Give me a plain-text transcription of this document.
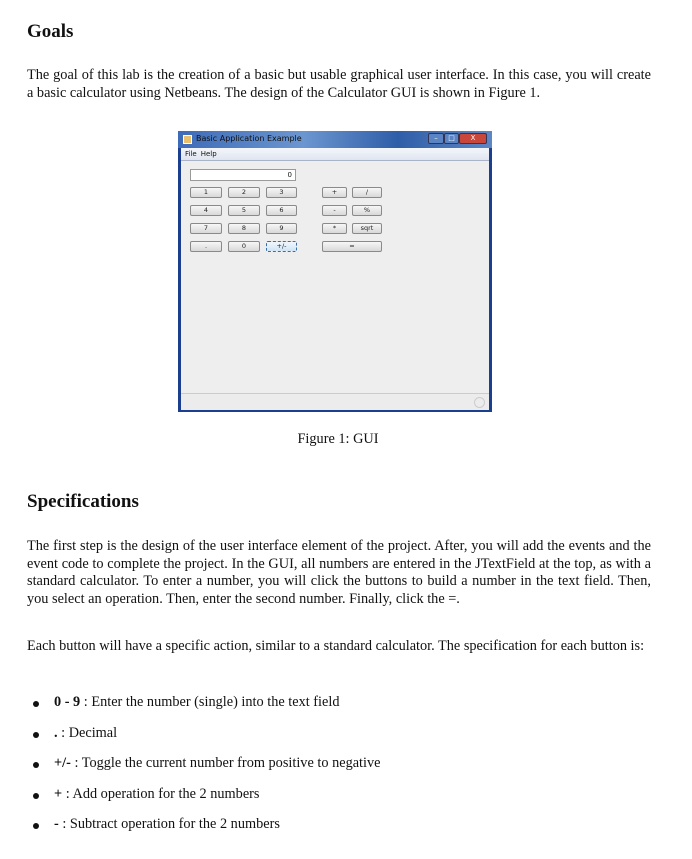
Goals

The goal of this lab is the creation of a basic but usable graphical user interface. In this case, you will create a basic calculator using Netbeans. The design of the Calculator GUI is shown in Figure 1.

Basic Application Example	–	□	X
File Help
0
1	2	3	+	/
4	5	6	-	%
7	8	9	*	sqrt
.	0	+/-	=
Figure 1: GUI
Specifications

The first step is the design of the user interface element of the project. After, you will add the events and the event code to complete the project. In the GUI, all numbers are entered in the JTextField at the top, as with a standard calculator. To enter a number, you will click the buttons to build a number in the text field. Then, you select an operation. Then, enter the second number. Finally, click the =.

Each button will have a specific action, similar to a standard calculator. The specification for each button is:

0 - 9 : Enter the number (single) into the text field
. : Decimal
+/- : Toggle the current number from positive to negative
+ : Add operation for the 2 numbers
- : Subtract operation for the 2 numbers
